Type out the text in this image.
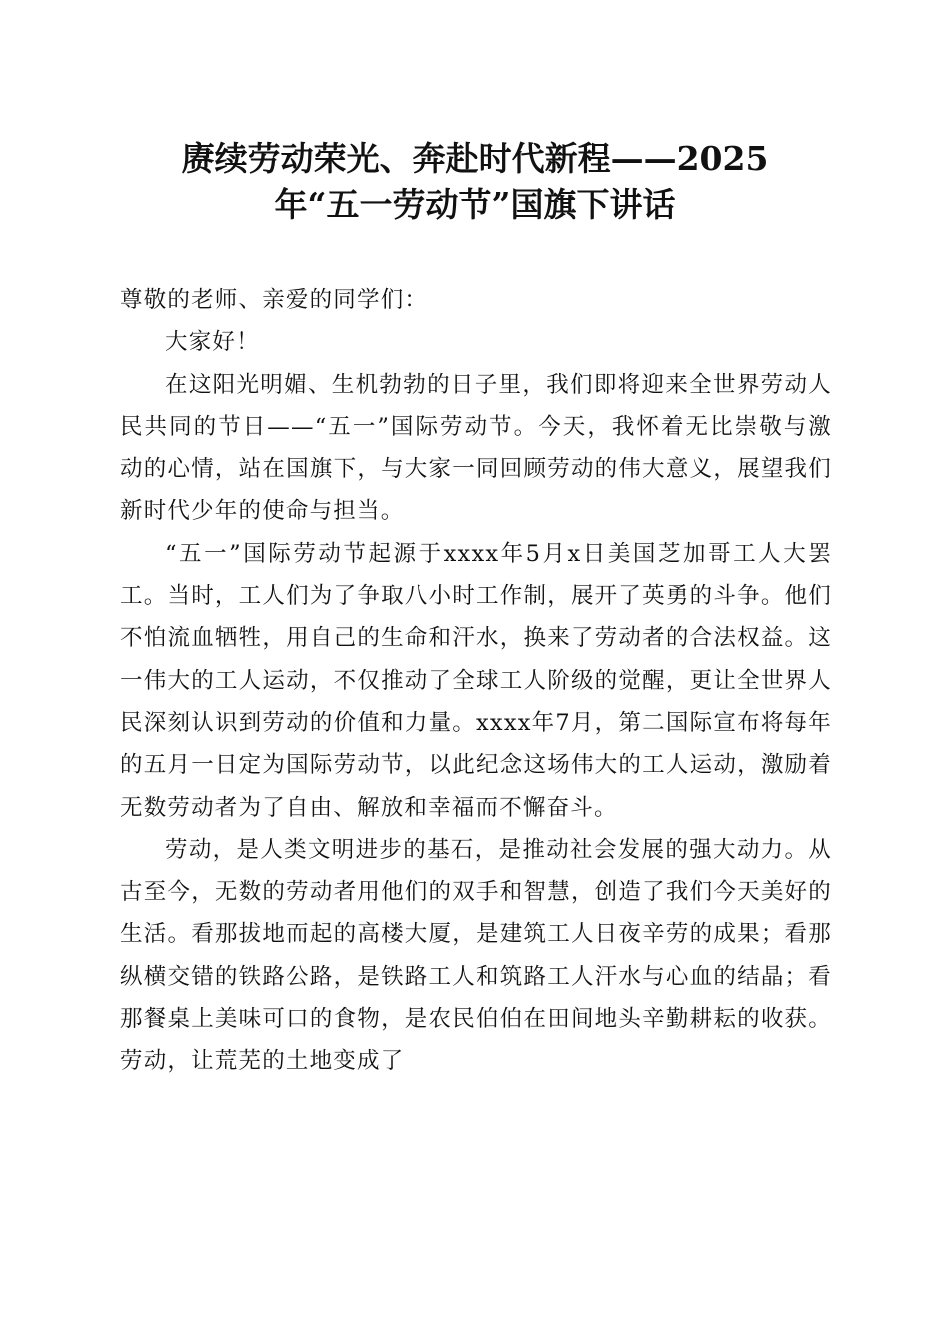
赓续劳动荣光、奔赴时代新程——2025
年“五一劳动节”国旗下讲话

尊敬的老师、亲爱的同学们：

大家好！

在这阳光明媚、生机勃勃的日子里，我们即将迎来全世界劳动人民共同的节日——“五一”国际劳动节。今天，我怀着无比崇敬与激动的心情，站在国旗下，与大家一同回顾劳动的伟大意义，展望我们新时代少年的使命与担当。

“五一”国际劳动节起源于xxxx年5月x日美国芝加哥工人大罢工。当时，工人们为了争取八小时工作制，展开了英勇的斗争。他们不怕流血牺牲，用自己的生命和汗水，换来了劳动者的合法权益。这一伟大的工人运动，不仅推动了全球工人阶级的觉醒，更让全世界人民深刻认识到劳动的价值和力量。xxxx年7月，第二国际宣布将每年的五月一日定为国际劳动节，以此纪念这场伟大的工人运动，激励着无数劳动者为了自由、解放和幸福而不懈奋斗。

劳动，是人类文明进步的基石，是推动社会发展的强大动力。从古至今，无数的劳动者用他们的双手和智慧，创造了我们今天美好的生活。看那拔地而起的高楼大厦，是建筑工人日夜辛劳的成果；看那纵横交错的铁路公路，是铁路工人和筑路工人汗水与心血的结晶；看那餐桌上美味可口的食物，是农民伯伯在田间地头辛勤耕耘的收获。劳动，让荒芜的土地变成了
